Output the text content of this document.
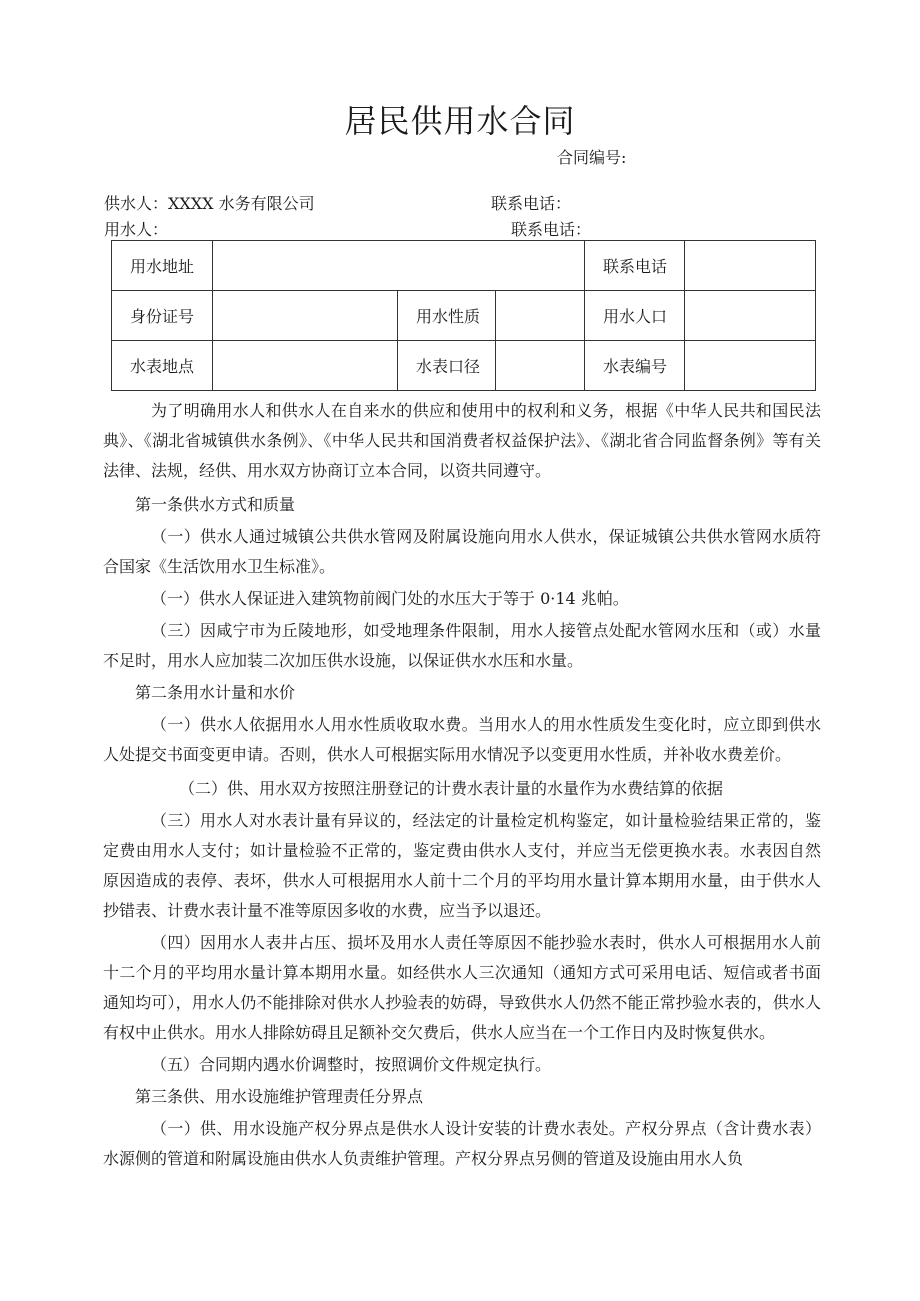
居民供用水合同
合同编号:
供水人：XXXX 水务有限公司	联系电话：
用水人：	联系电话：
用水地址				联系电话	
身份证号		用水性质		用水人口	
水表地点		水表口径		水表编号	

为了明确用水人和供水人在自来水的供应和使用中的权利和义务，根据《中华人民共和国民法典》、《湖北省城镇供水条例》、《中华人民共和国消费者权益保护法》、《湖北省合同监督条例》等有关法律、法规，经供、用水双方协商订立本合同，以资共同遵守。

第一条供水方式和质量

（一）供水人通过城镇公共供水管网及附属设施向用水人供水，保证城镇公共供水管网水质符合国家《生活饮用水卫生标准》。

（一）供水人保证进入建筑物前阀门处的水压大于等于 0·14 兆帕。

（三）因咸宁市为丘陵地形，如受地理条件限制，用水人接管点处配水管网水压和（或）水量不足时，用水人应加装二次加压供水设施，以保证供水水压和水量。

第二条用水计量和水价

（一）供水人依据用水人用水性质收取水费。当用水人的用水性质发生变化时，应立即到供水人处提交书面变更申请。否则，供水人可根据实际用水情况予以变更用水性质，并补收水费差价。

（二）供、用水双方按照注册登记的计费水表计量的水量作为水费结算的依据

（三）用水人对水表计量有异议的，经法定的计量检定机构鉴定，如计量检验结果正常的，鉴定费由用水人支付；如计量检验不正常的，鉴定费由供水人支付，并应当无偿更换水表。水表因自然原因造成的表停、表坏，供水人可根据用水人前十二个月的平均用水量计算本期用水量，由于供水人抄错表、计费水表计量不准等原因多收的水费，应当予以退还。

（四）因用水人表井占压、损坏及用水人责任等原因不能抄验水表时，供水人可根据用水人前十二个月的平均用水量计算本期用水量。如经供水人三次通知（通知方式可采用电话、短信或者书面通知均可），用水人仍不能排除对供水人抄验表的妨碍，导致供水人仍然不能正常抄验水表的，供水人有权中止供水。用水人排除妨碍且足额补交欠费后，供水人应当在一个工作日内及时恢复供水。

（五）合同期内遇水价调整时，按照调价文件规定执行。

第三条供、用水设施维护管理责任分界点

（一）供、用水设施产权分界点是供水人设计安装的计费水表处。产权分界点（含计费水表）水源侧的管道和附属设施由供水人负责维护管理。产权分界点另侧的管道及设施由用水人负
